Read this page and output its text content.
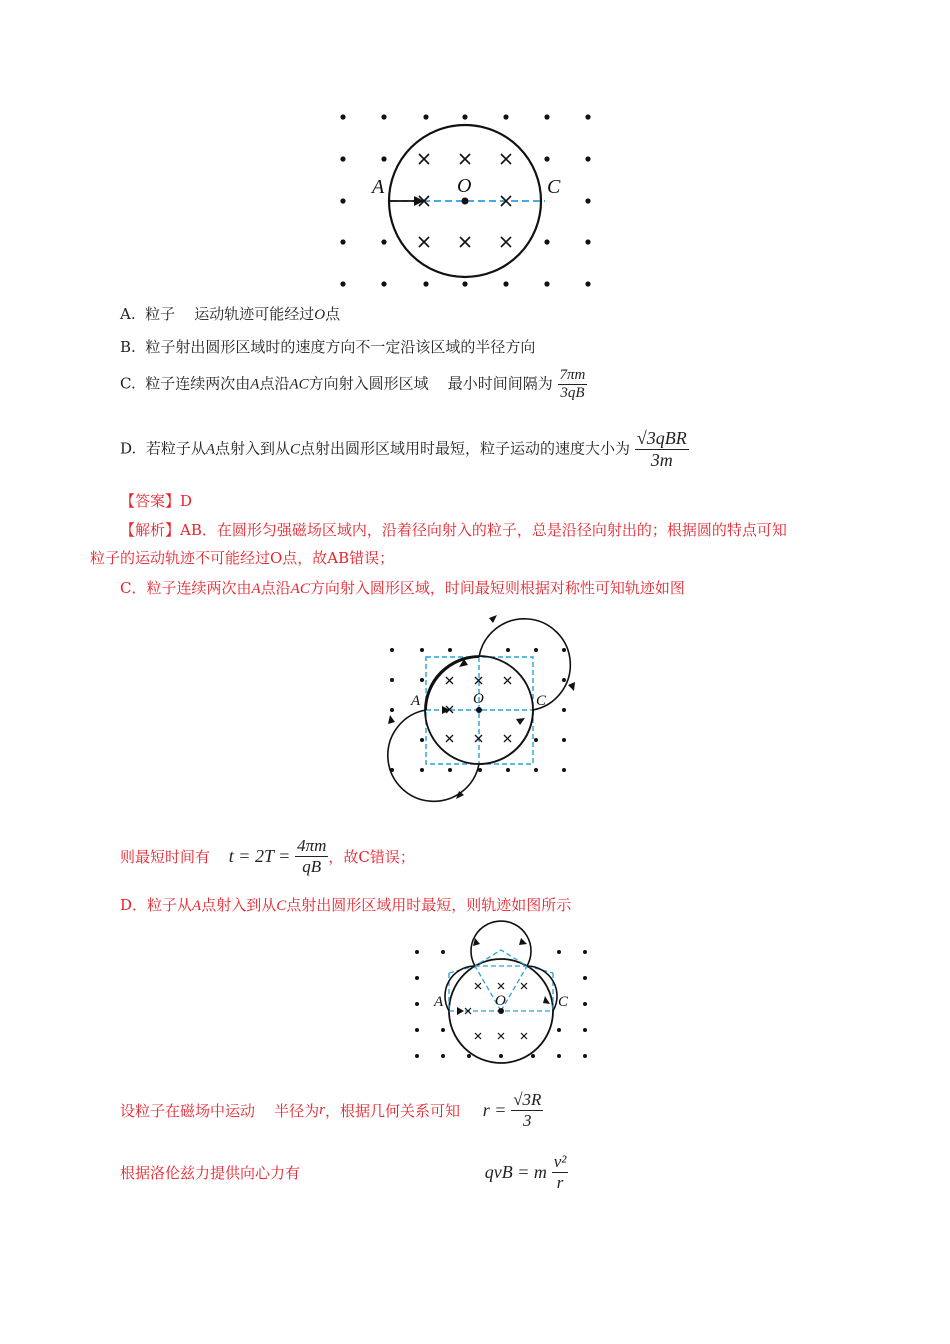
A	O	C
A. 粒子 运动轨迹可能经过O点
B. 粒子射出圆形区域时的速度方向不一定沿该区域的半径方向
C. 粒子连续两次由A点沿AC方向射入圆形区域 最小时间间隔为 $\frac{7\pi m}{3qB}$
D. 若粒子从A点射入到从C点射出圆形区域用时最短，粒子运动的速度大小为 $\frac{\text{√3qBR}}{3m}$
【答案】D
【解析】AB．在圆形匀强磁场区域内，沿着径向射入的粒子，总是沿径向射出的；根据圆的特点可知
粒子的运动轨迹不可能经过O点，故AB错误；
C．粒子连续两次由A点沿AC方向射入圆形区域，时间最短则根据对称性可知轨迹如图
A	O	C
则最短时间有 $t = 2T = \frac{4\pi m}{qB}$ ，故C错误；
D．粒子从A点射入到从C点射出圆形区域用时最短，则轨迹如图所示
A	O	C
设粒子在磁场中运动 半径为r，根据几何关系可知 $r = \frac{√3R}{3}$
根据洛伦兹力提供向心力有	qvB = m $\frac{\text{v²}}{r}$
